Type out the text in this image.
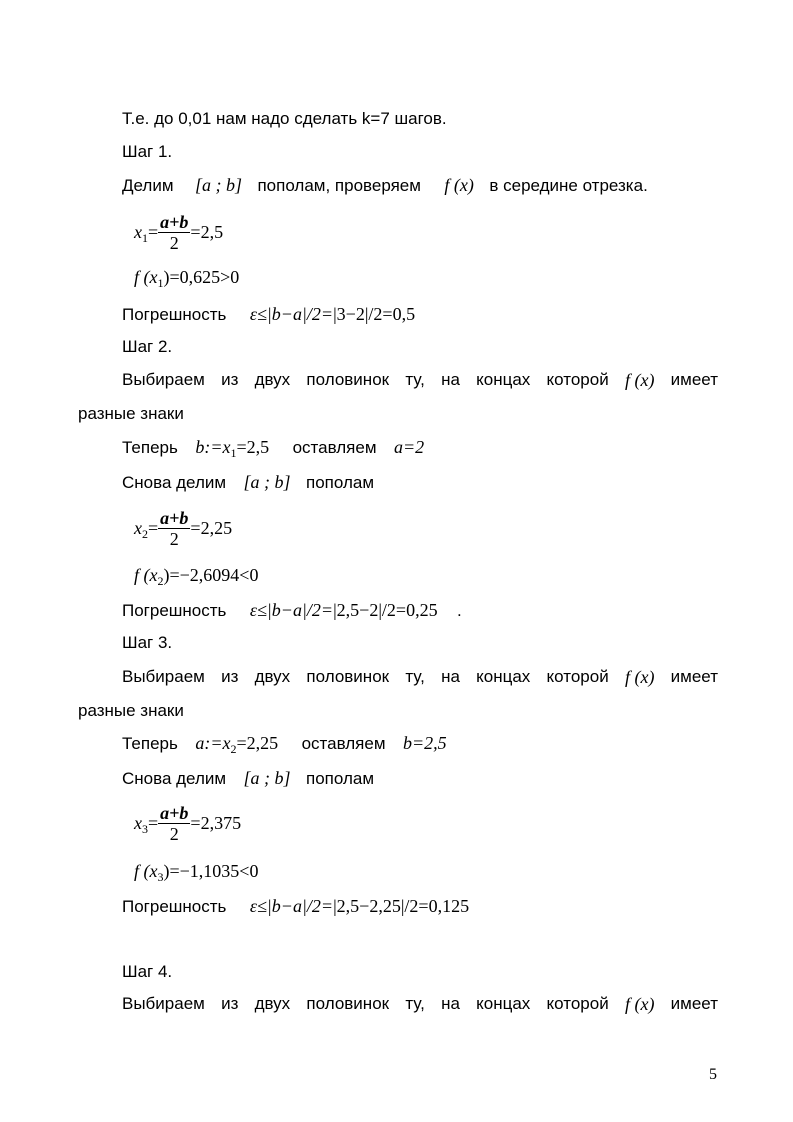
Т.е. до 0,01 нам надо сделать k=7 шагов.
Шаг 1.
Делим [a ; b] пополам, проверяем f (x) в середине отрезка.
$x_1= \frac{a+b}{2} =2,5$
f $(x_1)=0,625>0$
Погрешность ε≤|b−a|/2=|3−2|/2=0,5
Шаг 2.
Выбираем из двух половинок ту, на концах которой f (x) имеет
разные знаки
Теперь $b:=x_1=2,5$ оставляем a=2
Снова делим [a ; b] пополам
$x_2= \frac{a+b}{2} =2,25$
f $(x_2)=-2,6094<0$
Погрешность ε≤|b−a|/2=|2,5−2|/2=0,25 .
Шаг 3.
Выбираем из двух половинок ту, на концах которой f (x) имеет
разные знаки
Теперь $a:=x_2=2,25$ оставляем b=2,5
Снова делим [a ; b] пополам
$x_3= \frac{a+b}{2} =2,375$
f $(x_3)=-1,1035<0$
Погрешность ε≤|b−a|/2=|2,5−2,25|/2=0,125
Шаг 4.
Выбираем из двух половинок ту, на концах которой f (x) имеет
5
